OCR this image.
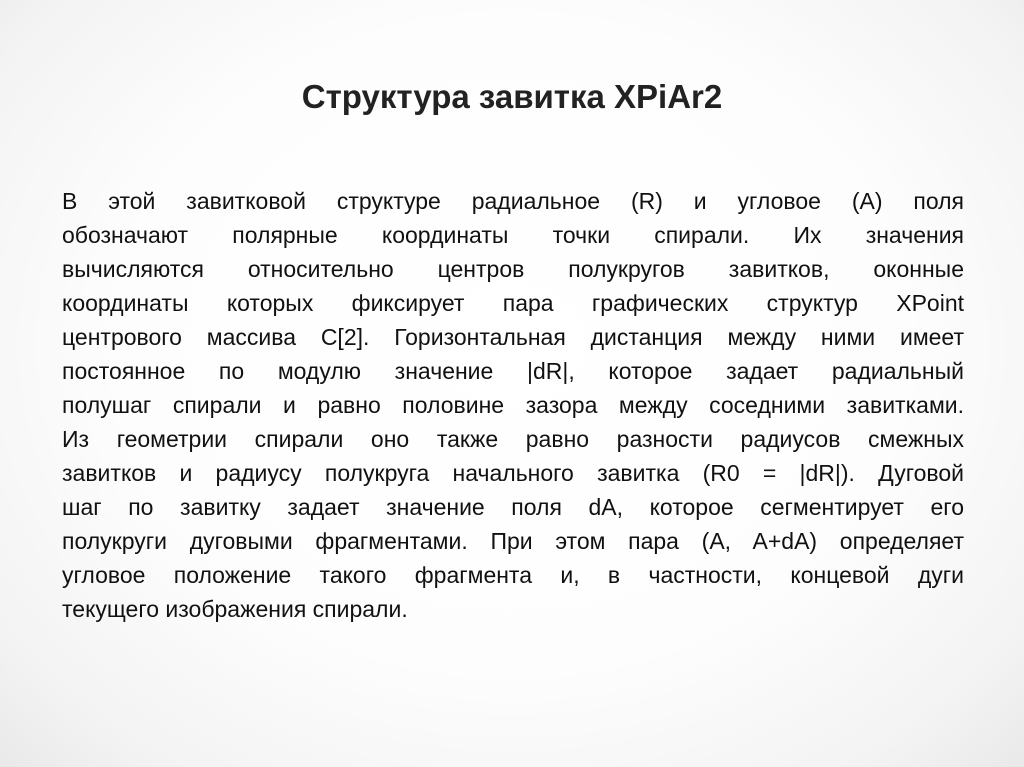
Структура завитка XPiAr2
В этой завитковой структуре радиальное (R) и угловое (A) поля
обозначают полярные координаты точки спирали. Их значения
вычисляются относительно центров полукругов завитков, оконные
координаты которых фиксирует пара графических структур XPoint
центрового массива С[2]. Горизонтальная дистанция между ними имеет
постоянное по модулю значение |dR|, которое задает радиальный
полушаг спирали и равно половине зазора между соседними завитками.
Из геометрии спирали оно также равно разности радиусов смежных
завитков и радиусу полукруга начального завитка (R0 = |dR|). Дуговой
шаг по завитку задает значение поля dA, которое сегментирует его
полукруги дуговыми фрагментами. При этом пара (A, A+dA) определяет
угловое положение такого фрагмента и, в частности, концевой дуги
текущего изображения спирали.
